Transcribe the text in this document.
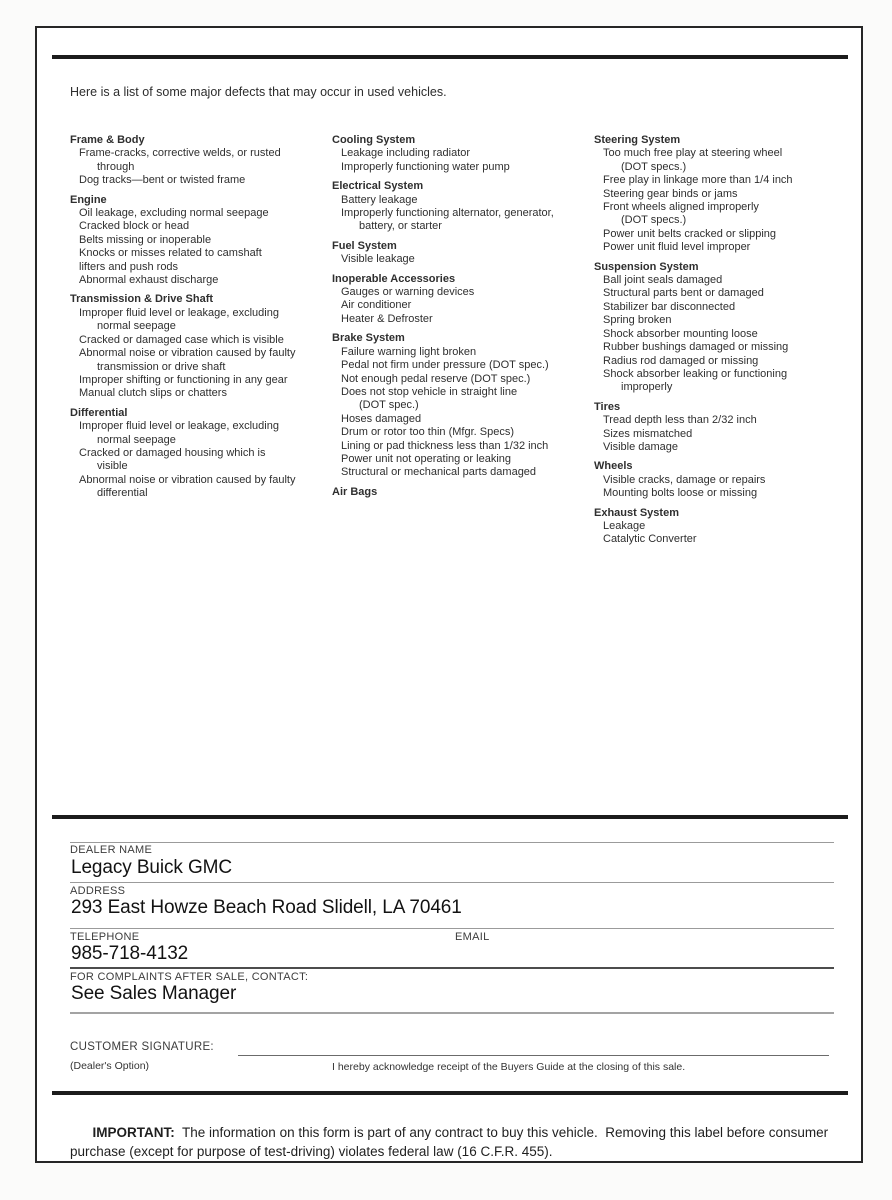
Here is a list of some major defects that may occur in used vehicles.
Frame & Body
Frame-cracks, corrective welds, or rusted
through
Dog tracks—bent or twisted frame
Engine
Oil leakage, excluding normal seepage
Cracked block or head
Belts missing or inoperable
Knocks or misses related to camshaft
lifters and push rods
Abnormal exhaust discharge
Transmission & Drive Shaft
Improper fluid level or leakage, excluding
normal seepage
Cracked or damaged case which is visible
Abnormal noise or vibration caused by faulty
transmission or drive shaft
Improper shifting or functioning in any gear
Manual clutch slips or chatters
Differential
Improper fluid level or leakage, excluding
normal seepage
Cracked or damaged housing which is
visible
Abnormal noise or vibration caused by faulty
differential
Cooling System
Leakage including radiator
Improperly functioning water pump
Electrical System
Battery leakage
Improperly functioning alternator, generator,
battery, or starter
Fuel System
Visible leakage
Inoperable Accessories
Gauges or warning devices
Air conditioner
Heater & Defroster
Brake System
Failure warning light broken
Pedal not firm under pressure (DOT spec.)
Not enough pedal reserve (DOT spec.)
Does not stop vehicle in straight line
(DOT spec.)
Hoses damaged
Drum or rotor too thin (Mfgr. Specs)
Lining or pad thickness less than 1/32 inch
Power unit not operating or leaking
Structural or mechanical parts damaged
Air Bags
Steering System
Too much free play at steering wheel
(DOT specs.)
Free play in linkage more than 1/4 inch
Steering gear binds or jams
Front wheels aligned improperly
(DOT specs.)
Power unit belts cracked or slipping
Power unit fluid level improper
Suspension System
Ball joint seals damaged
Structural parts bent or damaged
Stabilizer bar disconnected
Spring broken
Shock absorber mounting loose
Rubber bushings damaged or missing
Radius rod damaged or missing
Shock absorber leaking or functioning
improperly
Tires
Tread depth less than 2/32 inch
Sizes mismatched
Visible damage
Wheels
Visible cracks, damage or repairs
Mounting bolts loose or missing
Exhaust System
Leakage
Catalytic Converter
DEALER NAME
Legacy Buick GMC
ADDRESS
293 East Howze Beach Road Slidell, LA 70461
TELEPHONE	EMAIL
985-718-4132
FOR COMPLAINTS AFTER SALE, CONTACT:
See Sales Manager
CUSTOMER SIGNATURE:
(Dealer's Option)	I hereby acknowledge receipt of the Buyers Guide at the closing of this sale.

IMPORTANT:  The information on this form is part of any contract to buy this vehicle.  Removing this label before consumer purchase (except for purpose of test-driving) violates federal law (16 C.F.R. 455).
